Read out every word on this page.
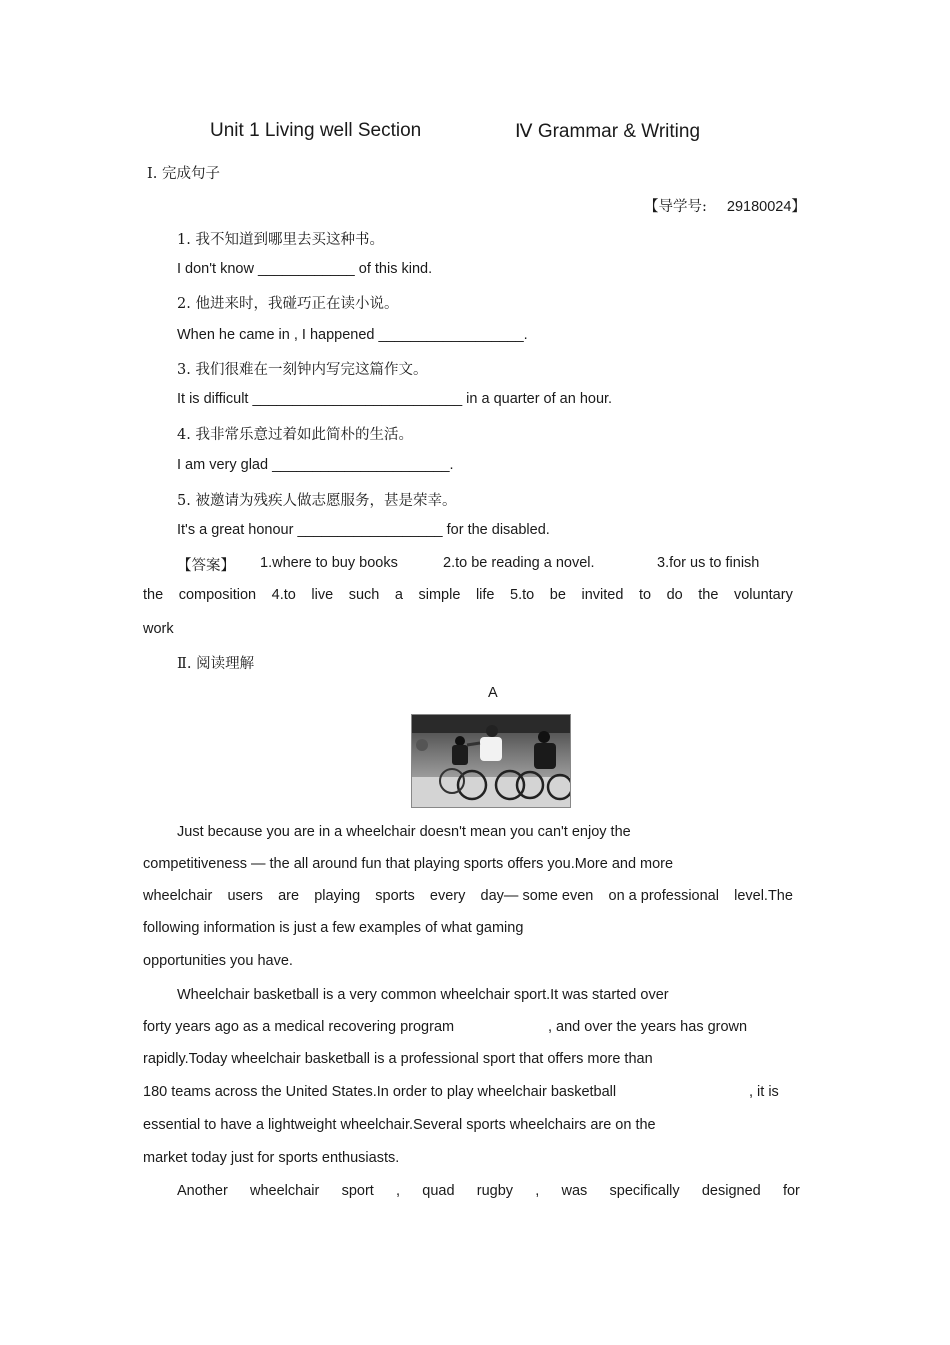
Unit 1 Living well Section	Ⅳ Grammar & Writing
Ⅰ. 完成句子
【导学号: 29180024】
1. 我不知道到哪里去买这种书。
I don't know ____________ of this kind.
2. 他进来时，我碰巧正在读小说。
When he came in , I happened __________________.
3. 我们很难在一刻钟内写完这篇作文。
It is difficult __________________________ in a quarter of an hour.
4. 我非常乐意过着如此简朴的生活。
I am very glad ______________________.
5. 被邀请为残疾人做志愿服务，甚是荣幸。
It's a great honour __________________ for the disabled.
【答案】 1.where to buy books	2.to be reading a novel.	3.for us to finish
the composition 4.to live such a simple life 5.to be invited to do the voluntary
work
Ⅱ. 阅读理解
A
Just because you are in a wheelchair doesn't mean you can't enjoy the
competitiveness — the all around fun that playing sports offers you.More and more
wheelchair users are playing sports every day— some even on a professional level.The
following information is just a few examples of what gaming
opportunities you have.
Wheelchair basketball is a very common wheelchair sport.It was started over
forty years ago as a medical recovering program	, and over the years has grown
rapidly.Today wheelchair basketball is a professional sport that offers more than
180 teams across the United States.In order to play wheelchair basketball	, it is
essential to have a lightweight wheelchair.Several sports wheelchairs are on the
market today just for sports enthusiasts.
Another wheelchair sport , quad rugby , was specifically designed for
